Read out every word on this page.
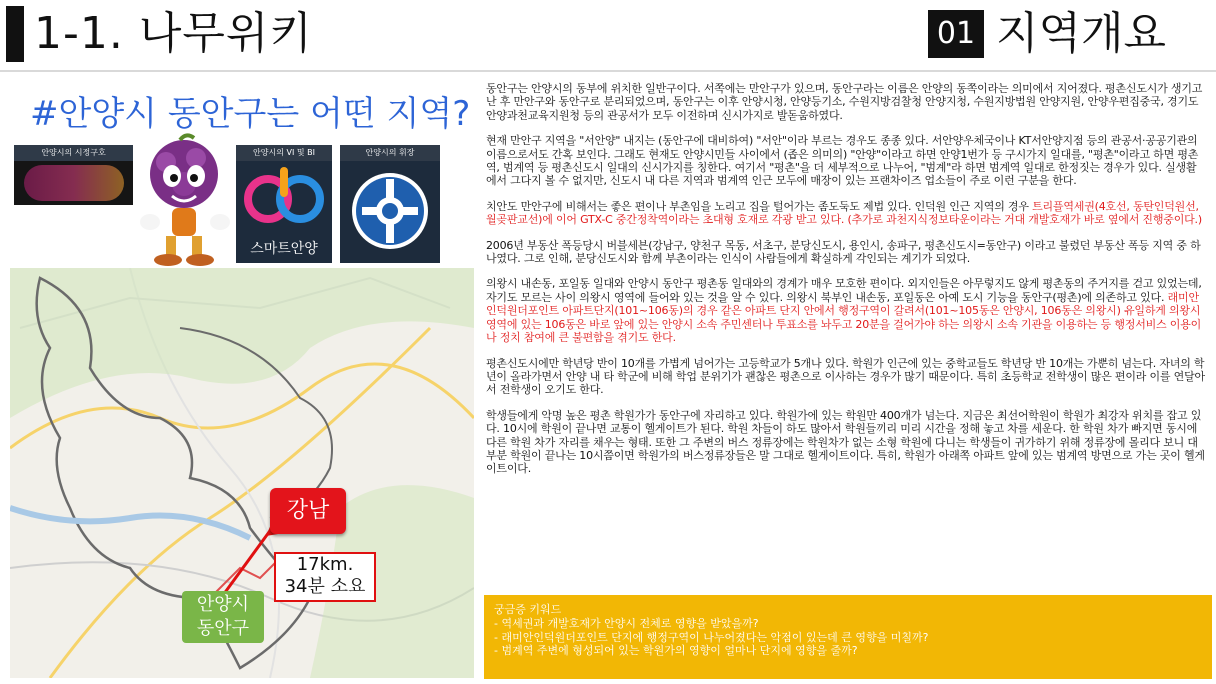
1-1. 나무위키	01 지역개요
#안양시 동안구는 어떤 지역?
안양시의 시정구호	안양시의 VI 및 BI
스마트안양
안양시의 휘장
강남
17km.
34분 소요
안양시
동안구

동안구는 안양시의 동부에 위치한 일반구이다. 서쪽에는 만안구가 있으며, 동안구라는 이름은 안양의 동쪽이라는 의미에서 지어졌다. 평촌신도시가 생기고 난 후 만안구와 동안구로 분리되었으며, 동안구는 이후 안양시청, 안양등기소, 수원지방검찰청 안양지청, 수원지방법원 안양지원, 안양우편집중국, 경기도 안양과천교육지원청 등의 관공서가 모두 이전하며 신시가지로 발돋움하였다.

현재 만안구 지역을 "서안양" 내지는 (동안구에 대비하여) "서안"이라 부르는 경우도 종종 있다. 서안양우체국이나 KT서안양지점 등의 관공서·공공기관의 이름으로서도 간혹 보인다. 그래도 현재도 안양시민들 사이에서 (좁은 의미의) "안양"이라고 하면 안양1번가 등 구시가지 일대를, "평촌"이라고 하면 평촌역, 범계역 등 평촌신도시 일대의 신시가지를 칭한다. 여기서 "평촌"을 더 세부적으로 나누어, "범계"라 하면 범계역 일대로 한정짓는 경우가 있다. 실생활에서 그다지 볼 수 없지만, 신도시 내 다른 지역과 범계역 인근 모두에 매장이 있는 프랜차이즈 업소들이 주로 이런 구분을 한다.

치안도 만안구에 비해서는 좋은 편이나 부촌임을 노리고 집을 털어가는 좀도둑도 제법 있다. 인덕원 인근 지역의 경우 트리플역세권(4호선, 동탄인덕원선, 월곶판교선)에 이어 GTX-C 중간정착역이라는 초대형 호재로 각광 받고 있다. (추가로 과천지식정보타운이라는 거대 개발호재가 바로 옆에서 진행중이다.)

2006년 부동산 폭등당시 버블세븐(강남구, 양천구 목동, 서초구, 분당신도시, 용인시, 송파구, 평촌신도시=동안구) 이라고 불렸던 부동산 폭등 지역 중 하나였다. 그로 인해, 분당신도시와 함께 부촌이라는 인식이 사람들에게 확실하게 각인되는 계기가 되었다.

의왕시 내손동, 포일동 일대와 안양시 동안구 평촌동 일대와의 경계가 매우 모호한 편이다. 외지인들은 아무렇지도 않게 평촌동의 주거지를 걷고 있었는데, 자기도 모르는 사이 의왕시 영역에 들어와 있는 것을 알 수 있다. 의왕시 북부인 내손동, 포일동은 아예 도시 기능을 동안구(평촌)에 의존하고 있다. 래미안인덕원더포인트 아파트단지(101~106동)의 경우 같은 아파트 단지 안에서 행정구역이 갈려서(101~105동은 안양시, 106동은 의왕시) 유일하게 의왕시 영역에 있는 106동은 바로 앞에 있는 안양시 소속 주민센터나 투표소를 놔두고 20분을 걸어가야 하는 의왕시 소속 기관을 이용하는 등 행정서비스 이용이나 정치 참여에 큰 불편함을 겪기도 한다.

평촌신도시에만 학년당 반이 10개를 가볍게 넘어가는 고등학교가 5개나 있다. 학원가 인근에 있는 중학교들도 학년당 반 10개는 가뿐히 넘는다. 자녀의 학년이 올라가면서 안양 내 타 학군에 비해 학업 분위기가 괜찮은 평촌으로 이사하는 경우가 많기 때문이다. 특히 초등학교 전학생이 많은 편이라 이를 연달아서 전학생이 오기도 한다.

학생들에게 악명 높은 평촌 학원가가 동안구에 자리하고 있다. 학원가에 있는 학원만 400개가 넘는다. 지금은 최선어학원이 학원가 최강자 위치를 잡고 있다. 10시에 학원이 끝나면 교통이 헬게이트가 된다. 학원 차들이 하도 많아서 학원들끼리 미리 시간을 정해 놓고 차를 세운다. 한 학원 차가 빠지면 동시에 다른 학원 차가 자리를 채우는 형태. 또한 그 주변의 버스 정류장에는 학원차가 없는 소형 학원에 다니는 학생들이 귀가하기 위해 정류장에 몰리다 보니 대부분 학원이 끝나는 10시쯤이면 학원가의 버스정류장들은 말 그대로 헬게이트이다. 특히, 학원가 아래쪽 아파트 앞에 있는 범계역 방면으로 가는 곳이 헬게이트이다.

궁금증 키워드
- 역세권과 개발호재가 안양시 전체로 영향을 받았을까?
- 래미안인덕원더포인트 단지에 행정구역이 나누어졌다는 악점이 있는데 큰 영향을 미칠까?
- 범계역 주변에 형성되어 있는 학원가의 영향이 얼마나 단지에 영향을 줄까?
